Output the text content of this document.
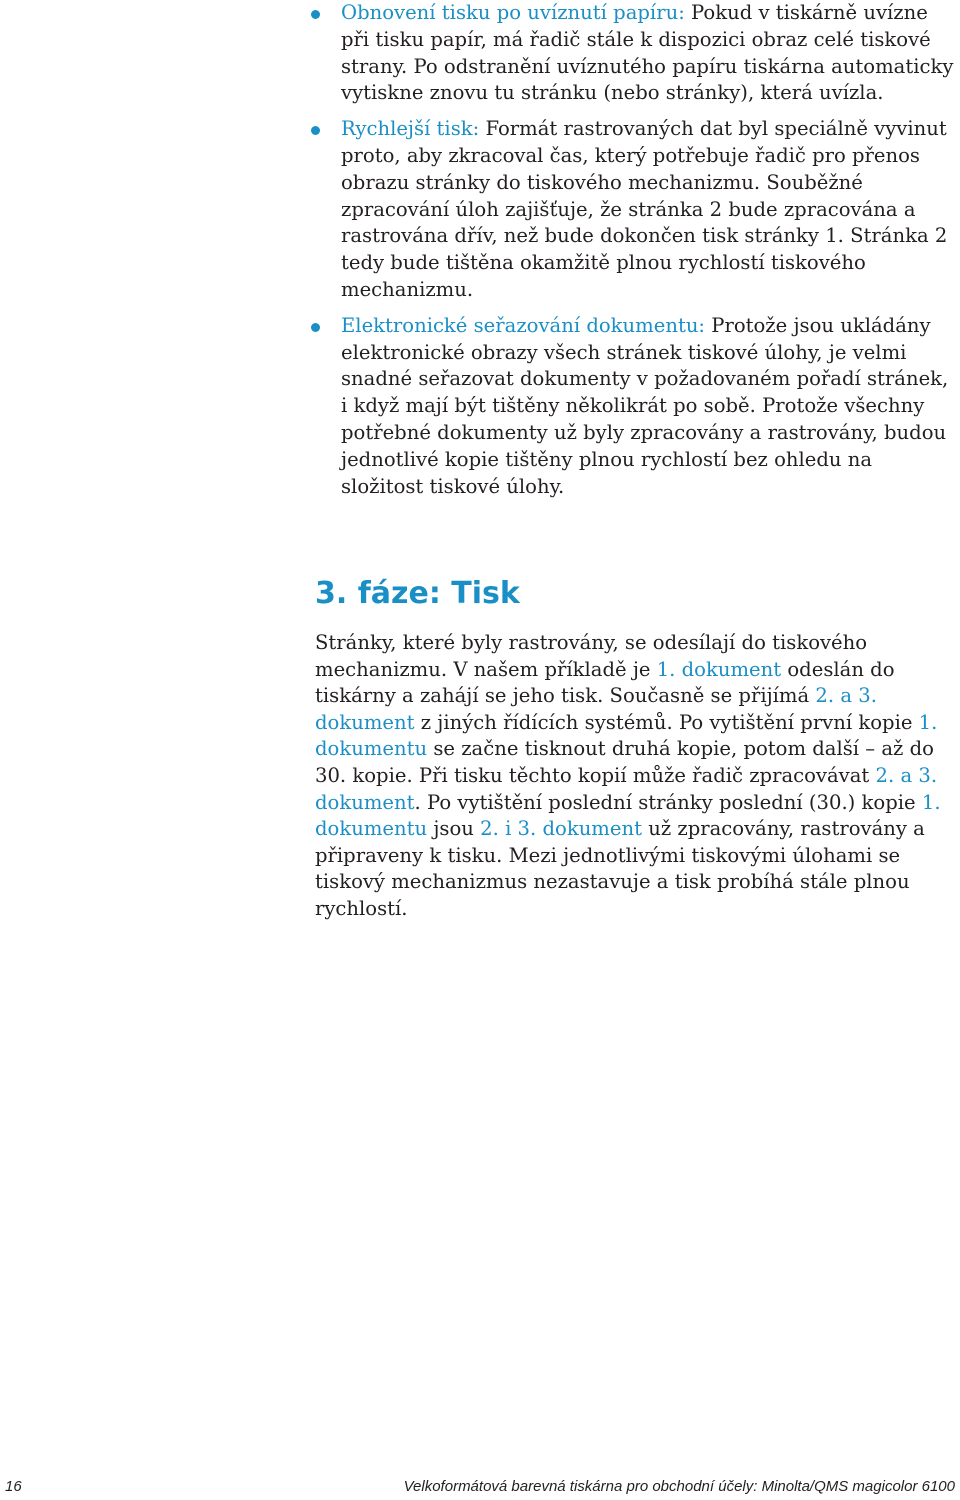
Obnovení tisku po uvíznutí papíru: Pokud v tiskárně uvízne při tisku papír, má řadič stále k dispozici obraz celé tiskové strany. Po odstranění uvíznutého papíru tiskárna automaticky vytiskne znovu tu stránku (nebo stránky), která uvízla.
Rychlejší tisk: Formát rastrovaných dat byl speciálně vyvinut proto, aby zkracoval čas, který potřebuje řadič pro přenos obrazu stránky do tiskového mechanizmu. Souběžné zpracování úloh zajišťuje, že stránka 2 bude zpracována a rastrována dřív, než bude dokončen tisk stránky 1. Stránka 2 tedy bude tištěna okamžitě plnou rychlostí tiskového mechanizmu.
Elektronické seřazování dokumentu: Protože jsou ukládány elektronické obrazy všech stránek tiskové úlohy, je velmi snadné seřazovat dokumenty v požadovaném pořadí stránek, i když mají být tištěny několikrát po sobě. Protože všechny potřebné dokumenty už byly zpracovány a rastrovány, budou jednotlivé kopie tištěny plnou rychlostí bez ohledu na složitost tiskové úlohy.
3. fáze: Tisk

Stránky, které byly rastrovány, se odesílají do tiskového mechanizmu. V našem příkladě je 1. dokument odeslán do tiskárny a zahájí se jeho tisk. Současně se přijímá 2. a 3. dokument z jiných řídících systémů. Po vytištění první kopie 1. dokumentu se začne tisknout druhá kopie, potom další – až do 30. kopie. Při tisku těchto kopií může řadič zpracovávat 2. a 3. dokument. Po vytištění poslední stránky poslední (30.) kopie 1. dokumentu jsou 2. i 3. dokument už zpracovány, rastrovány a připraveny k tisku. Mezi jednotlivými tiskovými úlohami se tiskový mechanizmus nezastavuje a tisk probíhá stále plnou rychlostí.

16	Velkoformátová barevná tiskárna pro obchodní účely: Minolta/QMS magicolor 6100
